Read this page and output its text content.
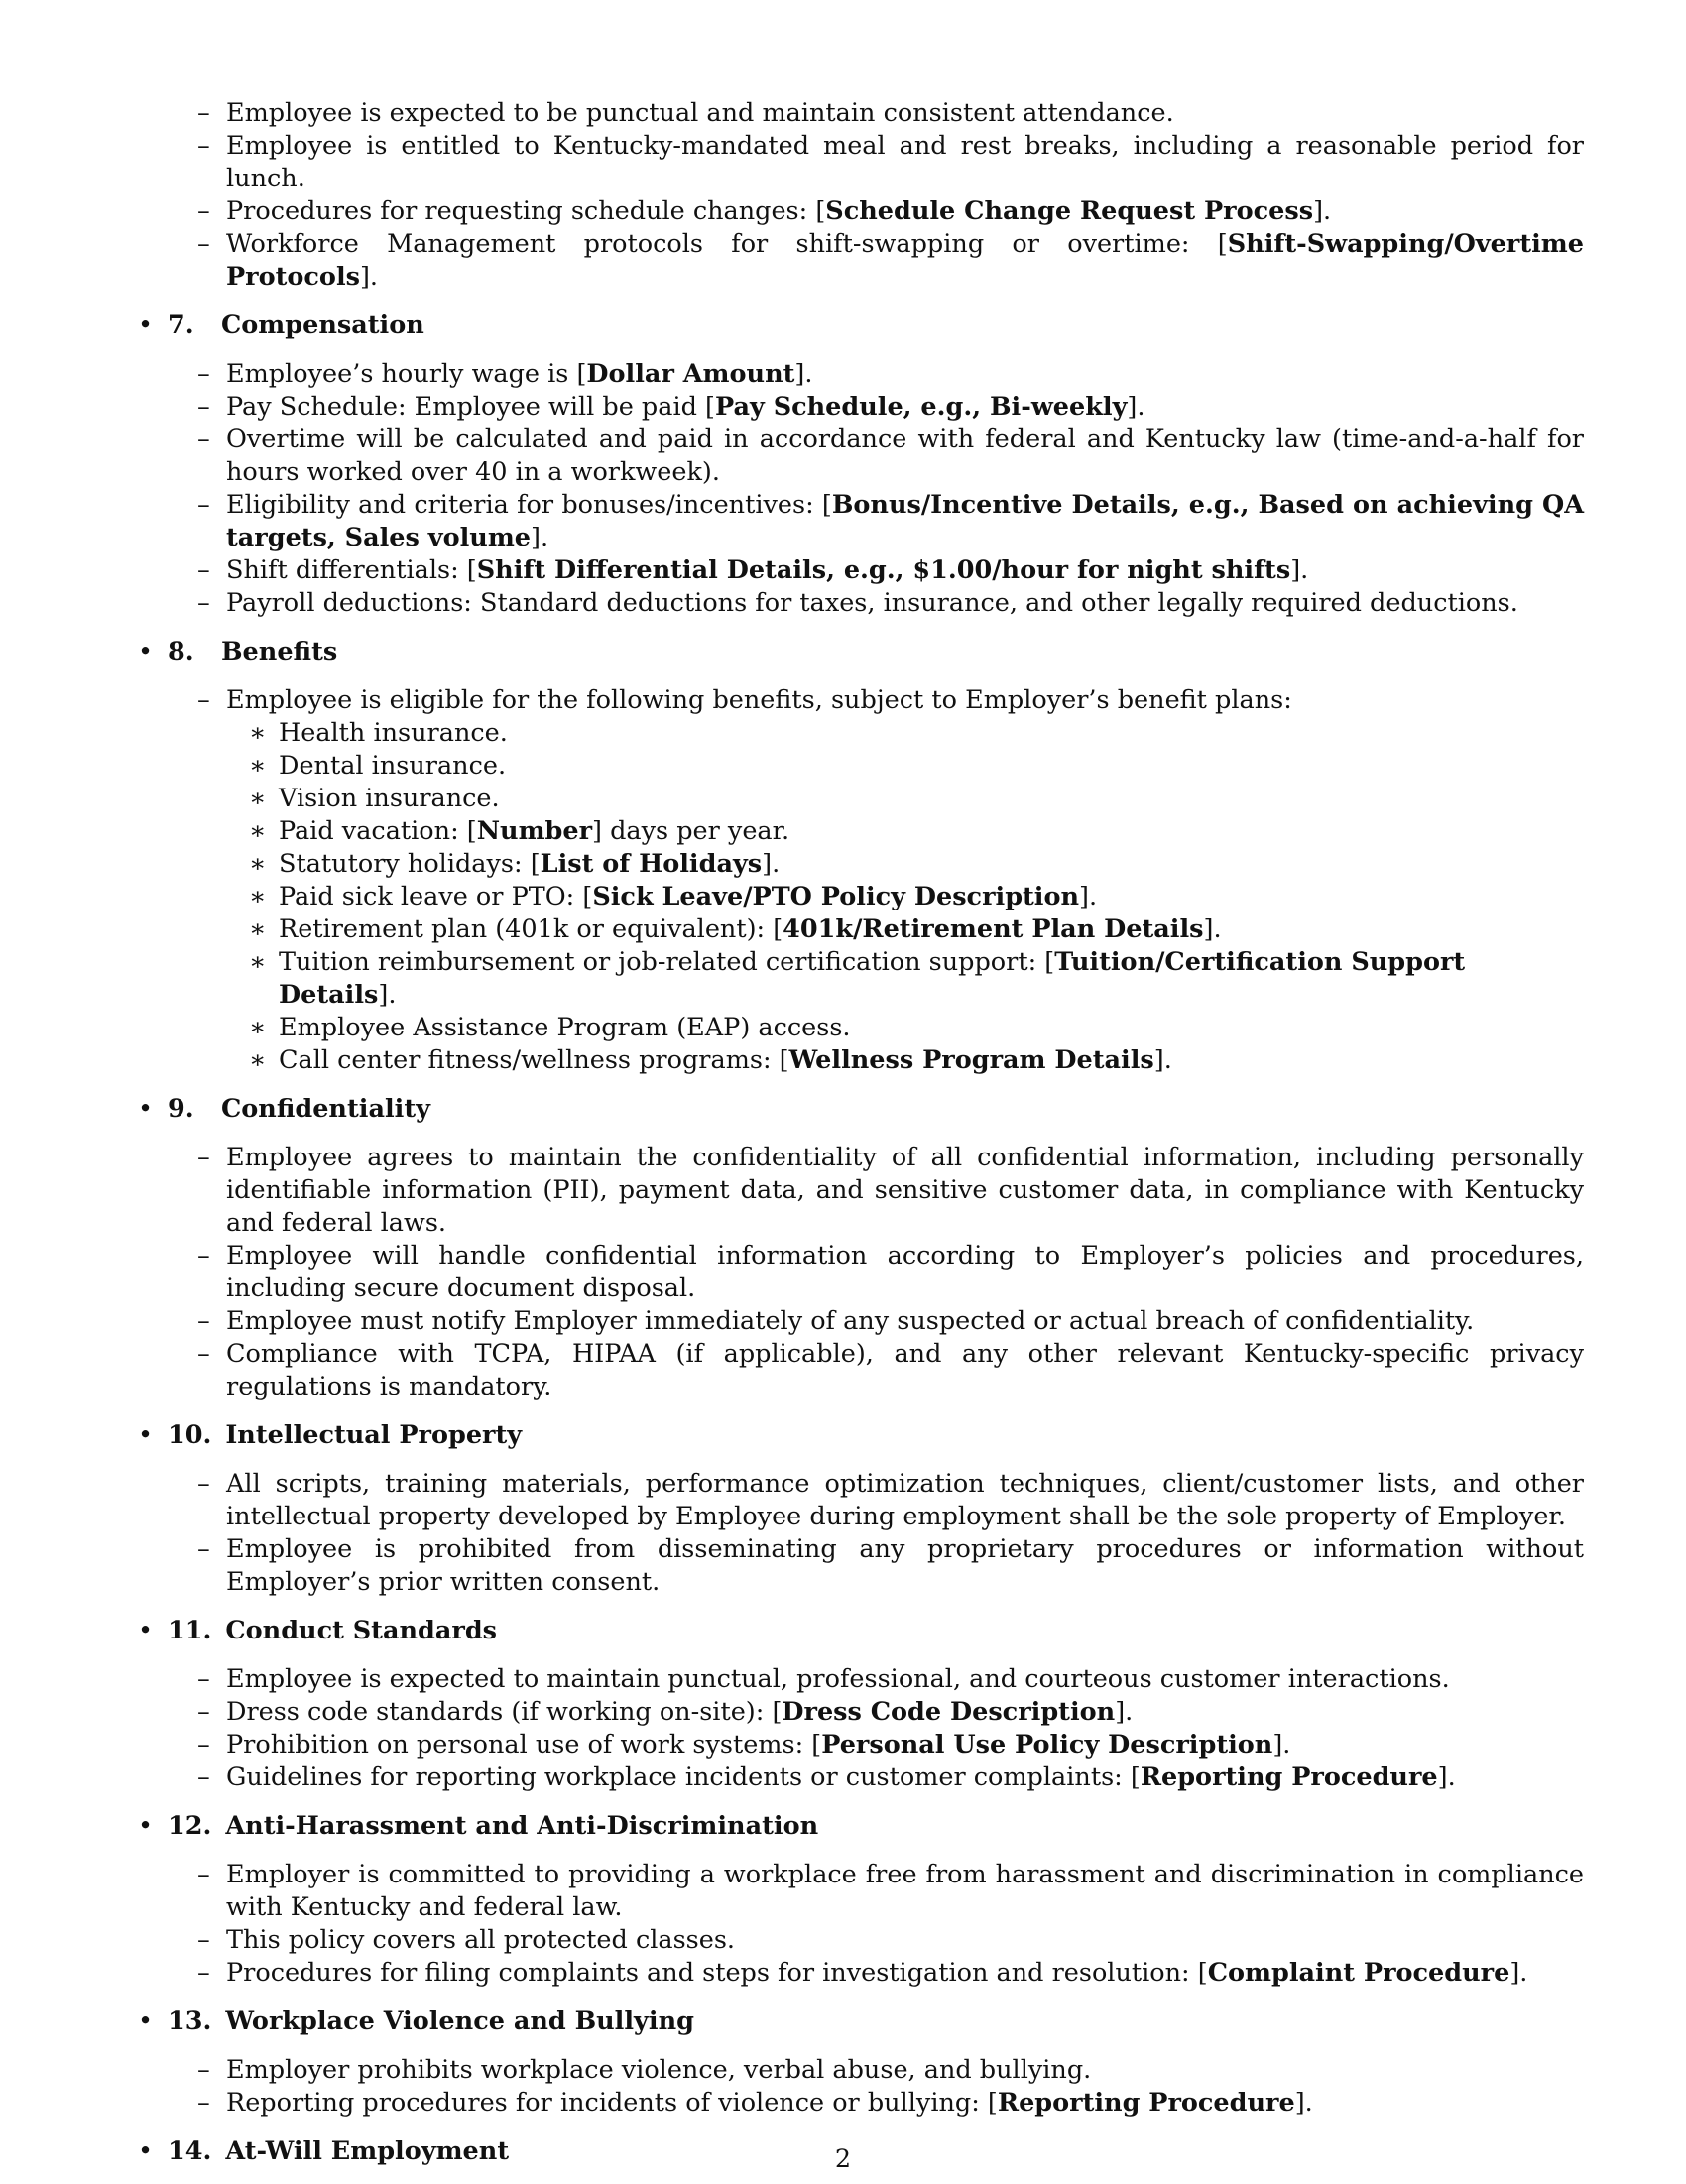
– Employee is expected to be punctual and maintain consistent attendance.
– Employee is entitled to Kentucky-mandated meal and rest breaks, including a reasonable period for lunch.
– Procedures for requesting schedule changes: [Schedule Change Request Process].
– Workforce Management protocols for shift-swapping or overtime: [Shift-Swapping/Overtime Protocols].
• 7. Compensation
– Employee’s hourly wage is [Dollar Amount].
– Pay Schedule: Employee will be paid [Pay Schedule, e.g., Bi-weekly].
– Overtime will be calculated and paid in accordance with federal and Kentucky law (time-and-a-half for hours worked over 40 in a workweek).
– Eligibility and criteria for bonuses/incentives: [Bonus/Incentive Details, e.g., Based on achieving QA targets, Sales volume].
– Shift differentials: [Shift Differential Details, e.g., $1.00/hour for night shifts].
– Payroll deductions: Standard deductions for taxes, insurance, and other legally required deductions.
• 8. Benefits
– Employee is eligible for the following benefits, subject to Employer’s benefit plans:
∗ Health insurance.
∗ Dental insurance.
∗ Vision insurance.
∗ Paid vacation: [Number] days per year.
∗ Statutory holidays: [List of Holidays].
∗ Paid sick leave or PTO: [Sick Leave/PTO Policy Description].
∗ Retirement plan (401k or equivalent): [401k/Retirement Plan Details].
∗ Tuition reimbursement or job-related certification support: [Tuition/Certification Support Details].
∗ Employee Assistance Program (EAP) access.
∗ Call center fitness/wellness programs: [Wellness Program Details].
• 9. Confidentiality
– Employee agrees to maintain the confidentiality of all confidential information, including personally identifiable information (PII), payment data, and sensitive customer data, in compliance with Kentucky and federal laws.
– Employee will handle confidential information according to Employer’s policies and procedures, including secure document disposal.
– Employee must notify Employer immediately of any suspected or actual breach of confidentiality.
– Compliance with TCPA, HIPAA (if applicable), and any other relevant Kentucky-specific privacy regulations is mandatory.
• 10. Intellectual Property
– All scripts, training materials, performance optimization techniques, client/customer lists, and other intellectual property developed by Employee during employment shall be the sole property of Employer.
– Employee is prohibited from disseminating any proprietary procedures or information without Employer’s prior written consent.
• 11. Conduct Standards
– Employee is expected to maintain punctual, professional, and courteous customer interactions.
– Dress code standards (if working on-site): [Dress Code Description].
– Prohibition on personal use of work systems: [Personal Use Policy Description].
– Guidelines for reporting workplace incidents or customer complaints: [Reporting Procedure].
• 12. Anti-Harassment and Anti-Discrimination
– Employer is committed to providing a workplace free from harassment and discrimination in compliance with Kentucky and federal law.
– This policy covers all protected classes.
– Procedures for filing complaints and steps for investigation and resolution: [Complaint Procedure].
• 13. Workplace Violence and Bullying
– Employer prohibits workplace violence, verbal abuse, and bullying.
– Reporting procedures for incidents of violence or bullying: [Reporting Procedure].
• 14. At-Will Employment	2
